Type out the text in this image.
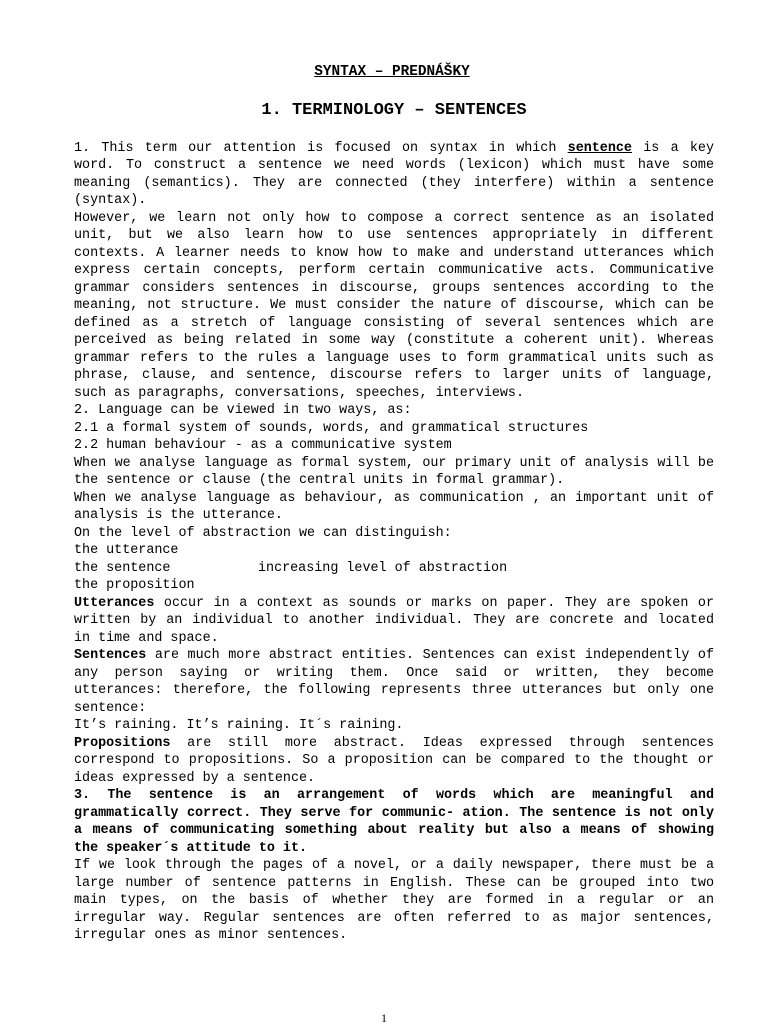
SYNTAX – PREDNÁŠKY
1. TERMINOLOGY – SENTENCES

1. This term our attention is focused on syntax in which sentence is a key word. To construct a sentence we need words (lexicon) which must have some meaning (semantics). They are connected (they interfere) within a sentence (syntax).

However, we learn not only how to compose a correct sentence as an isolated unit, but we also learn how to use sentences appropriately in different contexts. A learner needs to know how to make and understand utterances which express certain concepts, perform certain communicative acts. Communicative grammar considers sentences in discourse, groups sentences according to the meaning, not structure. We must consider the nature of discourse, which can be defined as a stretch of language consisting of several sentences which are perceived as being related in some way (constitute a coherent unit). Whereas grammar refers to the rules a language uses to form grammatical units such as phrase, clause, and sentence, discourse refers to larger units of language, such as paragraphs, conversations, speeches, interviews.

2. Language can be viewed in two ways, as:

2.1 a formal system of sounds, words, and grammatical structures

2.2 human behaviour - as a communicative system

When we analyse language as formal system, our primary unit of analysis will be the sentence or clause (the central units in formal grammar).

When we analyse language as behaviour, as communication , an important unit of analysis is the utterance.

On the level of abstraction we can distinguish:

the utterance
the sentence	increasing level of abstraction
the proposition

Utterances occur in a context as sounds or marks on paper. They are spoken or written by an individual to another individual. They are concrete and located in time and space.

Sentences are much more abstract entities. Sentences can exist independently of any person saying or writing them. Once said or written, they become utterances: therefore, the following represents three utterances but only one sentence:

It’s raining. It’s raining. It´s raining.

Propositions are still more abstract. Ideas expressed through sentences correspond to propositions. So a proposition can be compared to the thought or ideas expressed by a sentence.

3. The sentence is an arrangement of words which are meaningful and grammatically correct. They serve for communic- ation. The sentence is not only a means of communicating something about reality but also a means of showing the speaker´s attitude to it.

If we look through the pages of a novel, or a daily newspaper, there must be a large number of sentence patterns in English. These can be grouped into two main types, on the basis of whether they are formed in a regular or an irregular way. Regular sentences are often referred to as major sentences, irregular ones as minor sentences.

1
